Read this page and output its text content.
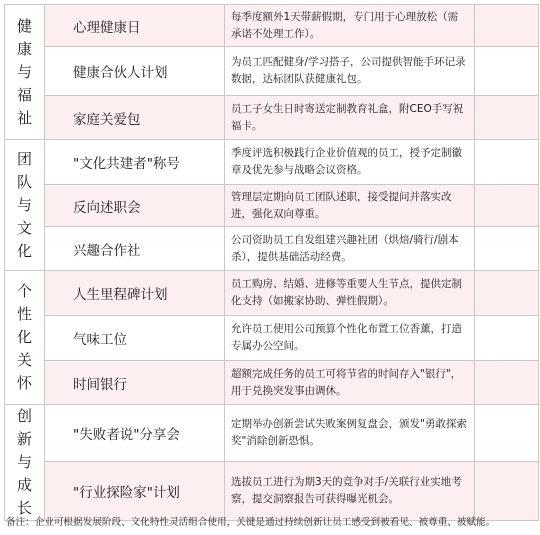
健
康
与
福
祉	心理健康日	每季度额外1天带薪假期，专门用于心理放松（需承诺不处理工作）。	
	健康合伙人计划	为员工匹配健身/学习搭子，公司提供智能手环记录数据，达标团队获健康礼包。	
	家庭关爱包	员工子女生日时寄送定制教育礼盒，附CEO手写祝福卡。	

团
队
与
文
化	"文化共建者"称号	季度评选积极践行企业价值观的员工，授予定制徽章及优先参与战略会议资格。	
	反向述职会	管理层定期向员工团队述职，接受提问并落实改进，强化双向尊重。	
	兴趣合作社	公司资助员工自发组建兴趣社团（烘焙/骑行/剧本杀），提供基础活动经费。	

个
性
化
关
怀	人生里程碑计划	员工购房、结婚、进修等重要人生节点，提供定制化支持（如搬家协助、弹性假期）。	
	气味工位	允许员工使用公司预算个性化布置工位香薰，打造专属办公空间。	
	时间银行	超额完成任务的员工可将节省的时间存入"银行"，用于兑换突发事由调休。	

创
新
与
成
长	"失败者说"分享会	定期举办创新尝试失败案例复盘会，颁发"勇敢探索奖"消除创新恐惧。	
	"行业探险家"计划	选拔员工进行为期3天的竞争对手/关联行业实地考察，提交洞察报告可获得曝光机会。	
备注：企业可根据发展阶段、文化特性灵活组合使用，关键是通过持续创新让员工感受到被看见、被尊重、被赋能。
